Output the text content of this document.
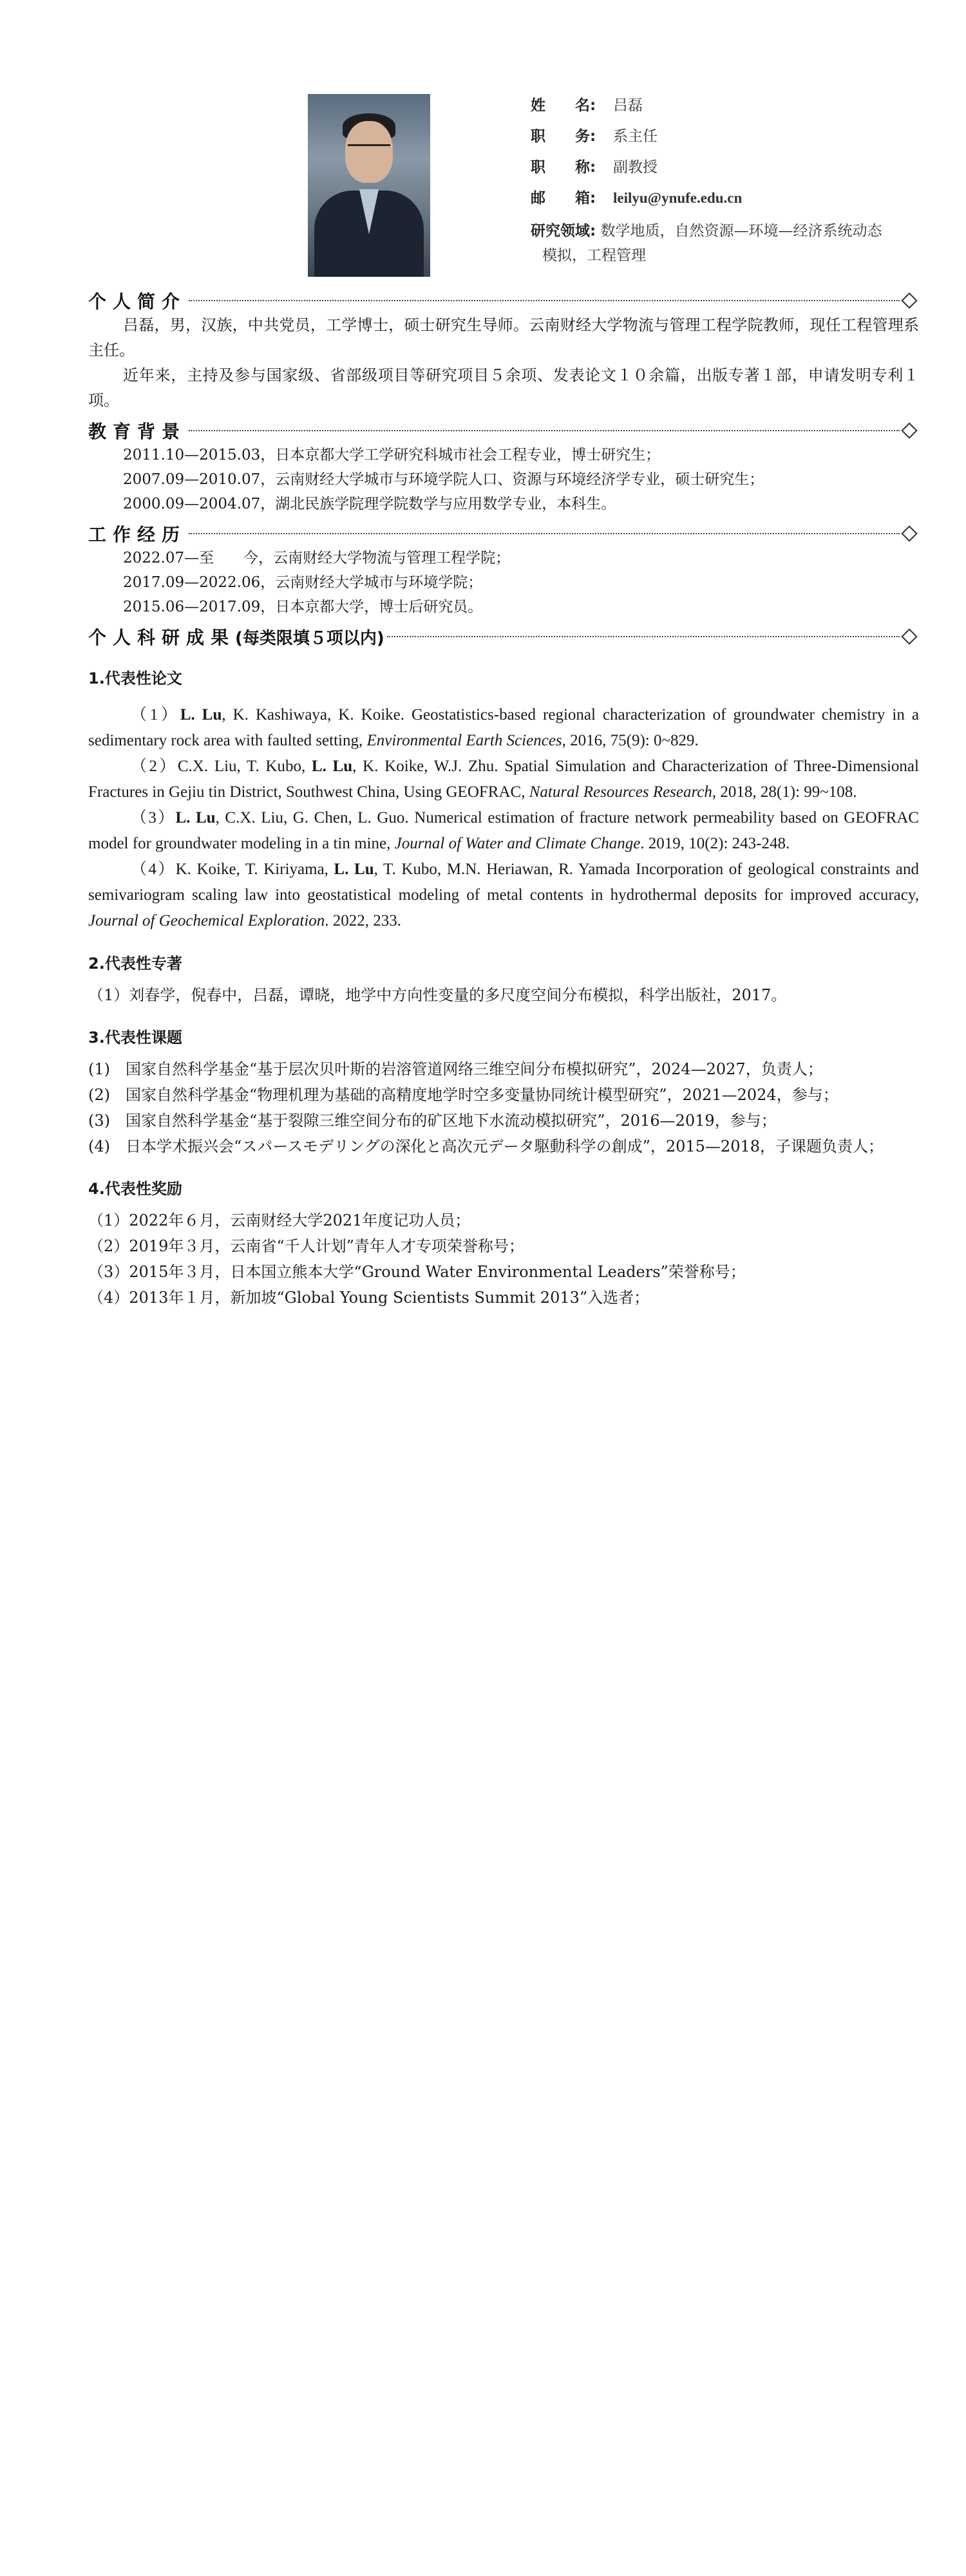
姓　　名:	吕磊
职　　务:	系主任
职　　称:	副教授
邮　　箱:	leilyu@ynufe.edu.cn
研究领域: 数学地质，自然资源—环境—经济系统动态
模拟，工程管理
个人简介

吕磊，男，汉族，中共党员，工学博士，硕士研究生导师。云南财经大学物流与管理工程学院教师，现任工程管理系主任。

近年来，主持及参与国家级、省部级项目等研究项目５余项、发表论文１０余篇，出版专著１部，申请发明专利１项。

教育背景

2011.10—2015.03，日本京都大学工学研究科城市社会工程专业，博士研究生；

2007.09—2010.07，云南财经大学城市与环境学院人口、资源与环境经济学专业，硕士研究生；

2000.09—2004.07，湖北民族学院理学院数学与应用数学专业，本科生。

工作经历

2022.07—至　　今，云南财经大学物流与管理工程学院；

2017.09—2022.06，云南财经大学城市与环境学院；

2015.06—2017.09，日本京都大学，博士后研究员。

个人科研成果 (每类限填５项以内)
1.代表性论文

（1）L. Lu, K. Kashiwaya, K. Koike. Geostatistics-based regional characterization of groundwater chemistry in a sedimentary rock area with faulted setting, Environmental Earth Sciences, 2016, 75(9): 0~829.

（2）C.X. Liu, T. Kubo, L. Lu, K. Koike, W.J. Zhu. Spatial Simulation and Characterization of Three-Dimensional Fractures in Gejiu tin District, Southwest China, Using GEOFRAC, Natural Resources Research, 2018, 28(1): 99~108.

（3）L. Lu, C.X. Liu, G. Chen, L. Guo. Numerical estimation of fracture network permeability based on GEOFRAC model for groundwater modeling in a tin mine, Journal of Water and Climate Change. 2019, 10(2): 243-248.

（4）K. Koike, T. Kiriyama, L. Lu, T. Kubo, M.N. Heriawan, R. Yamada Incorporation of geological constraints and semivariogram scaling law into geostatistical modeling of metal contents in hydrothermal deposits for improved accuracy, Journal of Geochemical Exploration. 2022, 233.

2.代表性专著

（1）刘春学，倪春中，吕磊，谭晓，地学中方向性变量的多尺度空间分布模拟，科学出版社，2017。

3.代表性课题

(1)　国家自然科学基金“基于层次贝叶斯的岩溶管道网络三维空间分布模拟研究”，2024—2027，负责人；

(2)　国家自然科学基金“物理机理为基础的高精度地学时空多变量协同统计模型研究”，2021—2024，参与；

(3)　国家自然科学基金“基于裂隙三维空间分布的矿区地下水流动模拟研究”，2016—2019，参与；

(4)　日本学术振兴会“スパースモデリングの深化と高次元データ駆動科学の創成”，2015—2018，子课题负责人；

4.代表性奖励

（1）2022年６月，云南财经大学2021年度记功人员；

（2）2019年３月，云南省“千人计划”青年人才专项荣誉称号；

（3）2015年３月，日本国立熊本大学“Ground Water Environmental Leaders”荣誉称号；

（4）2013年１月，新加坡“Global Young Scientists Summit 2013”入选者；
